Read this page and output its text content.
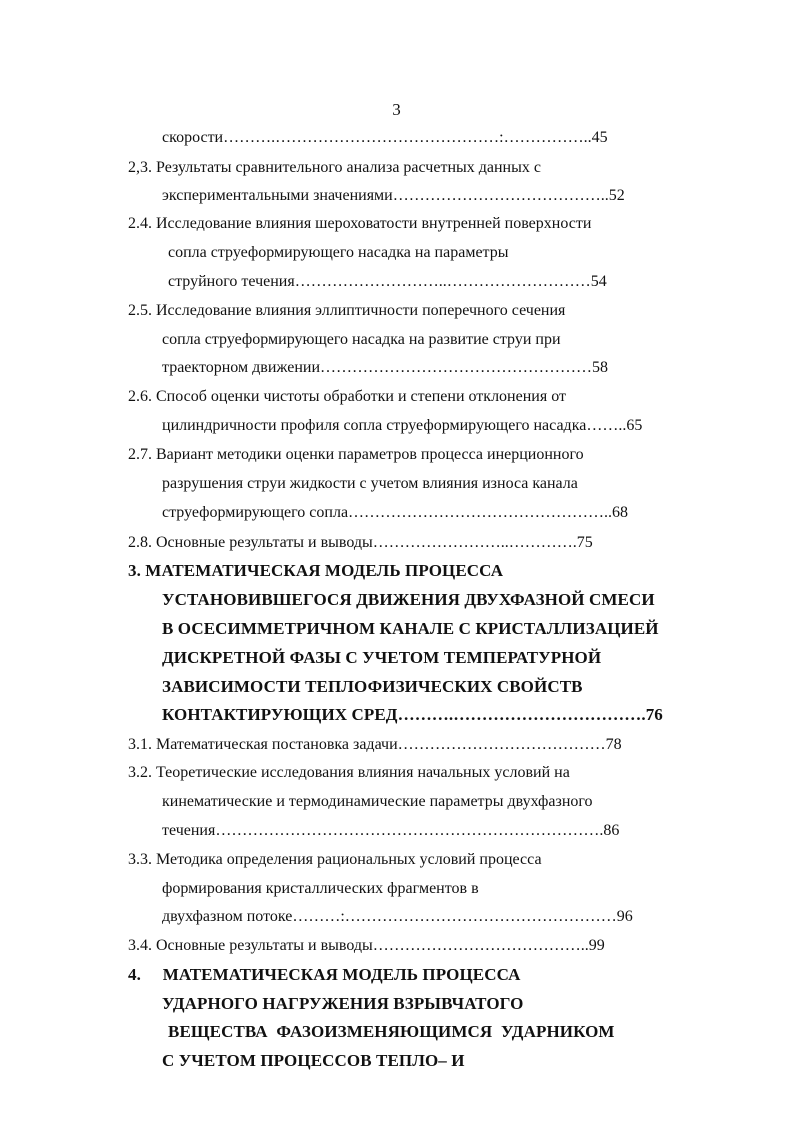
3
скорости……….……………………………………:……………..45
2,3. Результаты сравнительного анализа расчетных данных с
экспериментальными значениями…………………………………..52
2.4. Исследование влияния шероховатости внутренней поверхности
сопла струеформирующего насадка на параметры
струйного течения………………………..………………………54
2.5. Исследование влияния эллиптичности поперечного сечения
сопла струеформирующего насадка на развитие струи при
траекторном движении……………………………………………58
2.6. Способ оценки чистоты обработки и степени отклонения от
цилиндричности профиля сопла струеформирующего насадка……..65
2.7. Вариант методики оценки параметров процесса инерционного
разрушения струи жидкости с учетом влияния износа канала
струеформирующего сопла…………………………………………..68
2.8. Основные результаты и выводы……………………..………….75
3. МАТЕМАТИЧЕСКАЯ МОДЕЛЬ ПРОЦЕССА
УСТАНОВИВШЕГОСЯ ДВИЖЕНИЯ ДВУХФАЗНОЙ СМЕСИ
В ОСЕСИММЕТРИЧНОМ КАНАЛЕ С КРИСТАЛЛИЗАЦИЕЙ
ДИСКРЕТНОЙ ФАЗЫ С УЧЕТОМ ТЕМПЕРАТУРНОЙ
ЗАВИСИМОСТИ ТЕПЛОФИЗИЧЕСКИХ СВОЙСТВ
КОНТАКТИРУЮЩИХ СРЕД……….…………………………….76
3.1. Математическая постановка задачи…………………………………78
3.2. Теоретические исследования влияния начальных условий на
кинематические и термодинамические параметры двухфазного
течения……………………………………………………………….86
3.3. Методика определения рациональных условий процесса
формирования кристаллических фрагментов в
двухфазном потоке………:……………………………………………96
3.4. Основные результаты и выводы…………………………………..99
4.     МАТЕМАТИЧЕСКАЯ МОДЕЛЬ ПРОЦЕССА
УДАРНОГО НАГРУЖЕНИЯ ВЗРЫВЧАТОГО
ВЕЩЕСТВА  ФАЗОИЗМЕНЯЮЩИМСЯ  УДАРНИКОМ
С УЧЕТОМ ПРОЦЕССОВ ТЕПЛО– И
